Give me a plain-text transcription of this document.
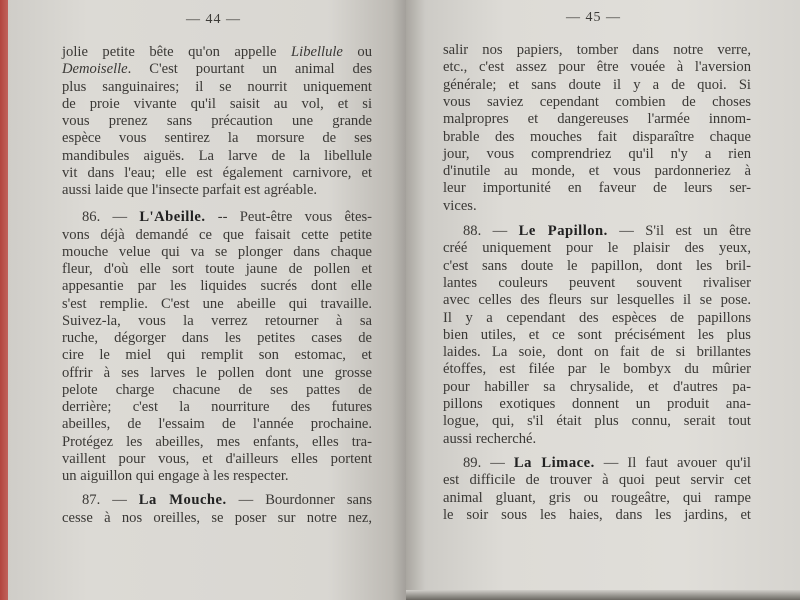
— 44 —
jolie petite bête qu'on appelle Libellule ou
Demoiselle. C'est pourtant un animal des
plus sanguinaires; il se nourrit uniquement
de proie vivante qu'il saisit au vol, et si
vous prenez sans précaution une grande
espèce vous sentirez la morsure de ses
mandibules aiguës. La larve de la libellule
vit dans l'eau; elle est également carnivore, et
aussi laide que l'insecte parfait est agréable.
86. — L'Abeille. -- Peut-être vous êtes-
vons déjà demandé ce que faisait cette petite
mouche velue qui va se plonger dans chaque
fleur, d'où elle sort toute jaune de pollen et
appesantie par les liquides sucrés dont elle
s'est remplie. C'est une abeille qui travaille.
Suivez-la, vous la verrez retourner à sa
ruche, dégorger dans les petites cases de
cire le miel qui remplit son estomac, et
offrir à ses larves le pollen dont une grosse
pelote charge chacune de ses pattes de
derrière; c'est la nourriture des futures
abeilles, de l'essaim de l'année prochaine.
Protégez les abeilles, mes enfants, elles tra-
vaillent pour vous, et d'ailleurs elles portent
un aiguillon qui engage à les respecter.
87. — La Mouche. — Bourdonner sans
cesse à nos oreilles, se poser sur notre nez,
— 45 —
salir nos papiers, tomber dans notre verre,
etc., c'est assez pour être vouée à l'aversion
générale; et sans doute il y a de quoi. Si
vous saviez cependant combien de choses
malpropres et dangereuses l'armée innom-
brable des mouches fait disparaître chaque
jour, vous comprendriez qu'il n'y a rien
d'inutile au monde, et vous pardonneriez à
leur importunité en faveur de leurs ser-
vices.
88. — Le Papillon. — S'il est un être
créé uniquement pour le plaisir des yeux,
c'est sans doute le papillon, dont les bril-
lantes couleurs peuvent souvent rivaliser
avec celles des fleurs sur lesquelles il se pose.
Il y a cependant des espèces de papillons
bien utiles, et ce sont précisément les plus
laides. La soie, dont on fait de si brillantes
étoffes, est filée par le bombyx du mûrier
pour habiller sa chrysalide, et d'autres pa-
pillons exotiques donnent un produit ana-
logue, qui, s'il était plus connu, serait tout
aussi recherché.
89. — La Limace. — Il faut avouer qu'il
est difficile de trouver à quoi peut servir cet
animal gluant, gris ou rougeâtre, qui rampe
le soir sous les haies, dans les jardins, et
